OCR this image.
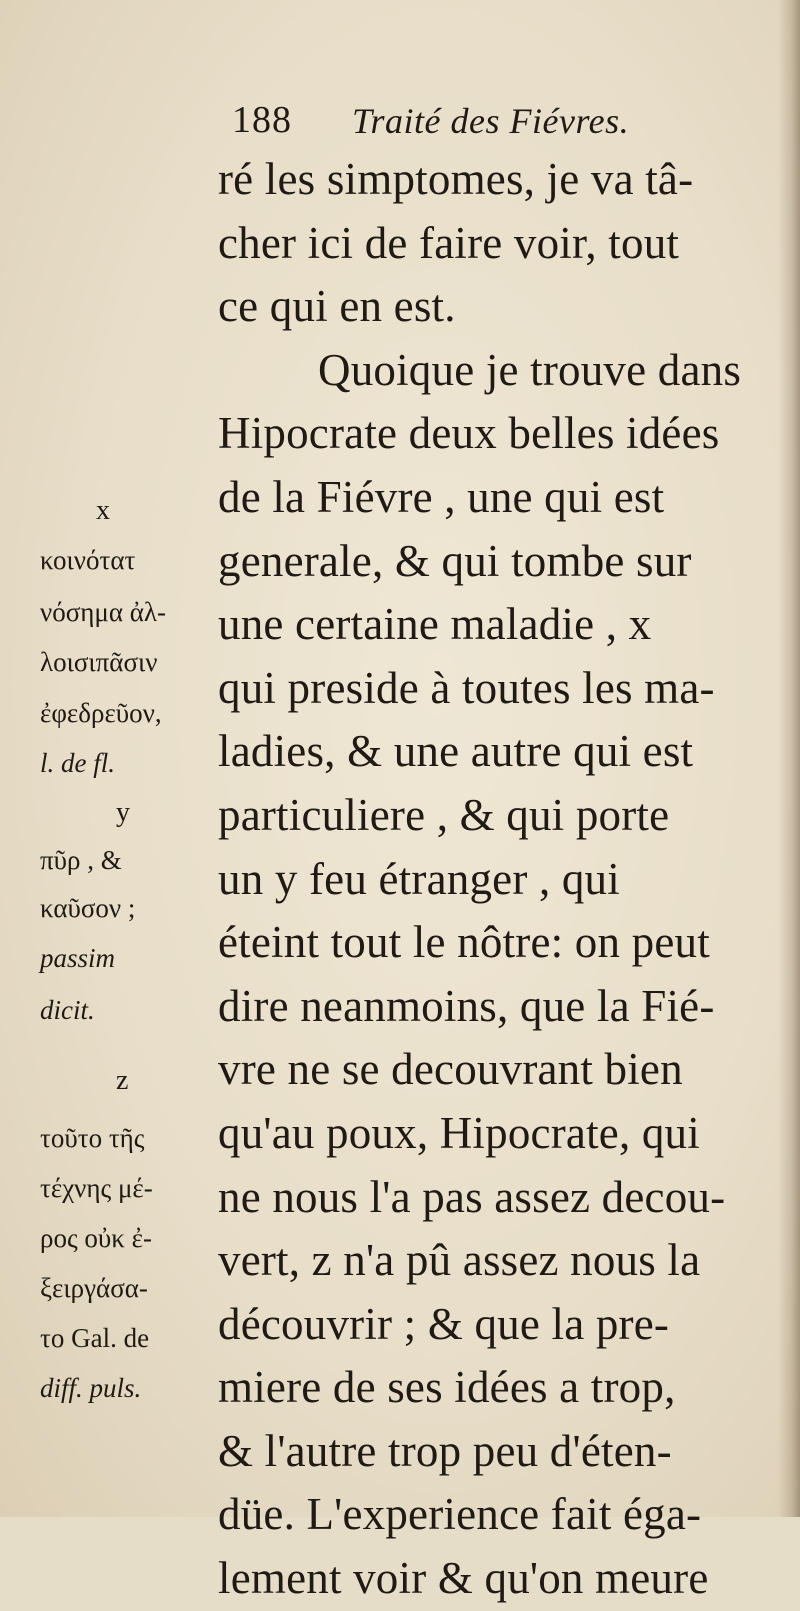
188 Traité des Fiévres.
ré les simptomes, je va tâ-
cher ici de faire voir, tout
ce qui en est.
Quoique je trouve dans
Hipocrate deux belles idées
de la Fiévre , une qui est
generale, & qui tombe sur
une certaine maladie , x
qui preside à toutes les ma-
ladies, & une autre qui est
particuliere , & qui porte
un y feu étranger , qui
éteint tout le nôtre: on peut
dire neanmoins, que la Fié-
vre ne se decouvrant bien
qu'au poux, Hipocrate, qui
ne nous l'a pas assez decou-
vert, z n'a pû assez nous la
découvrir ; & que la pre-
miere de ses idées a trop,
& l'autre trop peu d'éten-
düe. L'experience fait éga-
lement voir & qu'on meure
x
κοινότατ
νόσημα ἀλ-
λοισιπᾶσιν
ἐφεδρεῦον,
l. de fl.
y
πῦρ , &
καῦσον ;
passim
dicit.
z
τοῦτο τῆς
τέχνης μέ-
ρος οὐκ ἐ-
ξειργάσα-
το Gal. de
diff. puls.
